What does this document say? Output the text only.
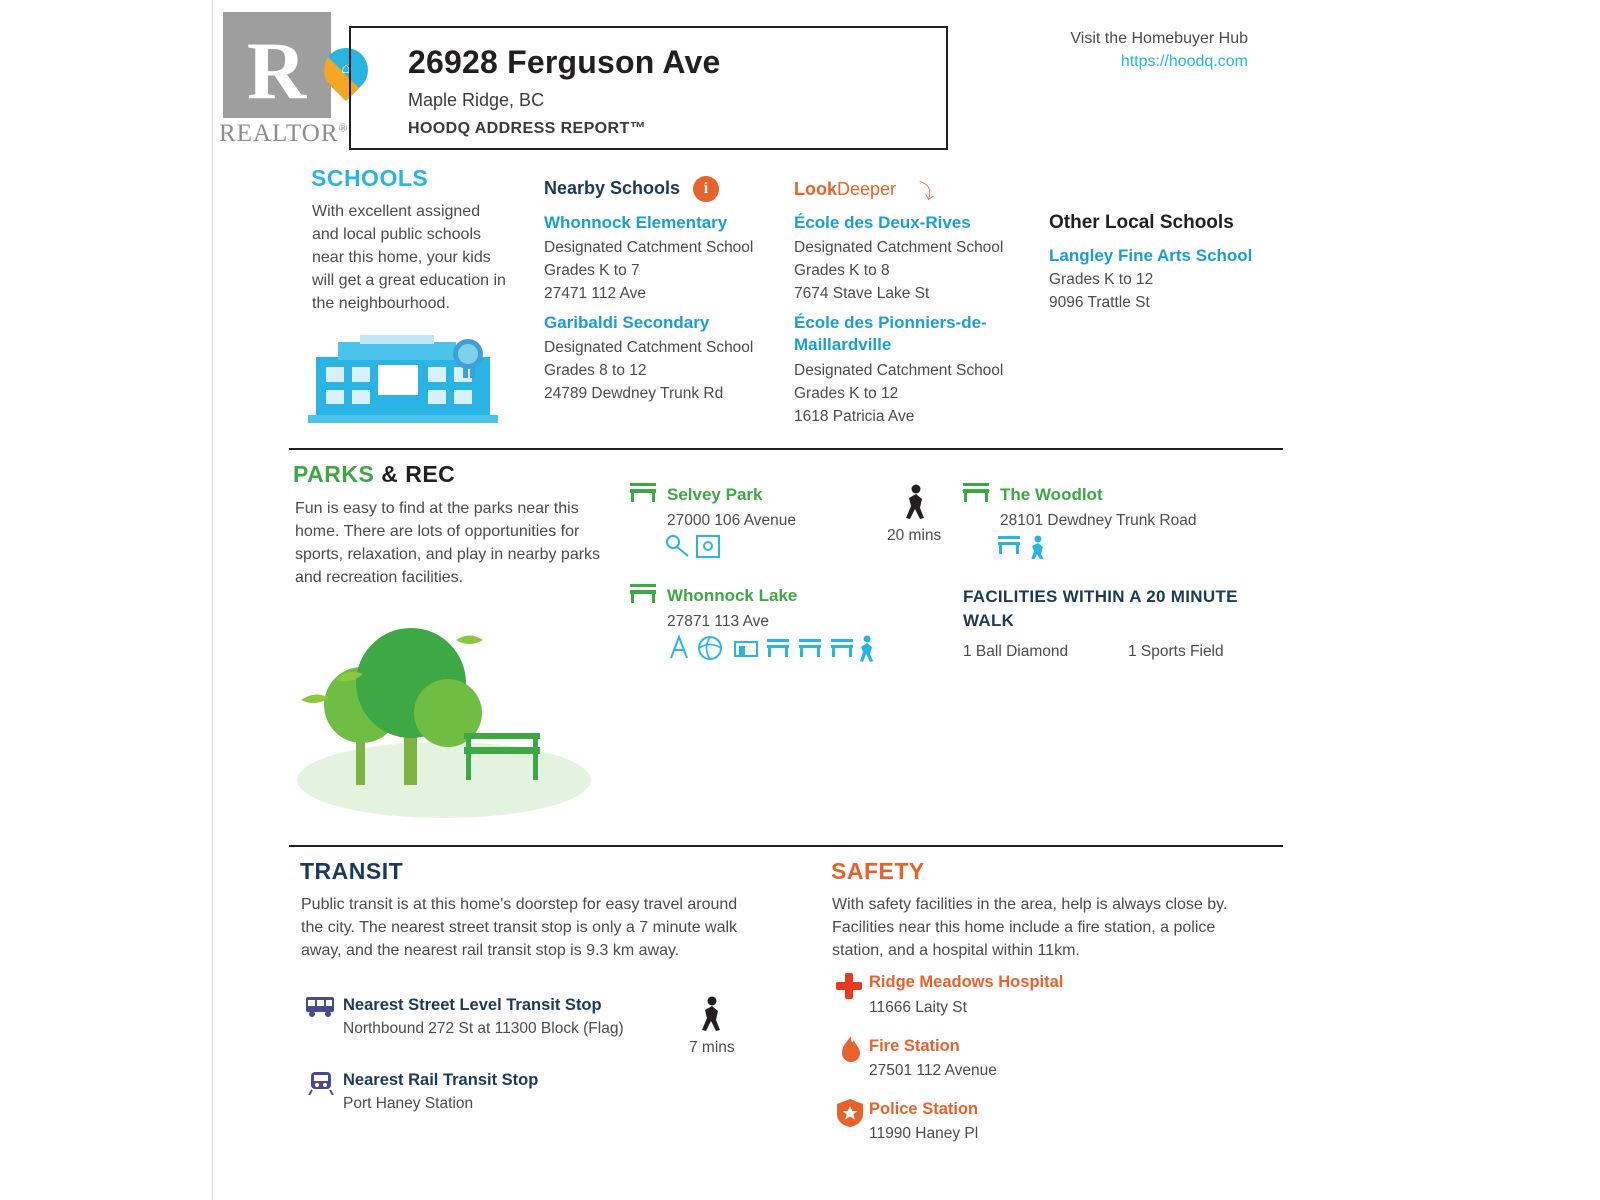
R
REALTOR®
⌂ 26928 Ferguson Ave
Maple Ridge, BC
HOODQ ADDRESS REPORT™
Visit the Homebuyer Hub
https://hoodq.com
SCHOOLS
With excellent assigned and local public schools near this home, your kids will get a great education in the neighbourhood.
Nearby Schools	i
Whonnock Elementary
Designated Catchment School
Grades K to 7
27471 112 Ave
Garibaldi Secondary
Designated Catchment School
Grades 8 to 12
24789 Dewdney Trunk Rd
LookDeeper ⤵
École des Deux-Rives
Designated Catchment School
Grades K to 8
7674 Stave Lake St
École des Pionniers-de-Maillardville
Designated Catchment School
Grades K to 12
1618 Patricia Ave
Other Local Schools
Langley Fine Arts School
Grades K to 12
9096 Trattle St
PARKS & REC
Fun is easy to find at the parks near this home. There are lots of opportunities for sports, relaxation, and play in nearby parks and recreation facilities.
Selvey Park
27000 106 Avenue
20 mins
The Woodlot
28101 Dewdney Trunk Road
Whonnock Lake
27871 113 Ave
FACILITIES WITHIN A 20 MINUTE WALK
1 Ball Diamond	1 Sports Field
TRANSIT
Public transit is at this home's doorstep for easy travel around the city. The nearest street transit stop is only a 7 minute walk away, and the nearest rail transit stop is 9.3 km away.
Nearest Street Level Transit Stop
Northbound 272 St at 11300 Block (Flag)
Nearest Rail Transit Stop
Port Haney Station
7 mins
SAFETY
With safety facilities in the area, help is always close by. Facilities near this home include a fire station, a police station, and a hospital within 11km.
Ridge Meadows Hospital
11666 Laity St
Fire Station
27501 112 Avenue
Police Station
11990 Haney Pl
